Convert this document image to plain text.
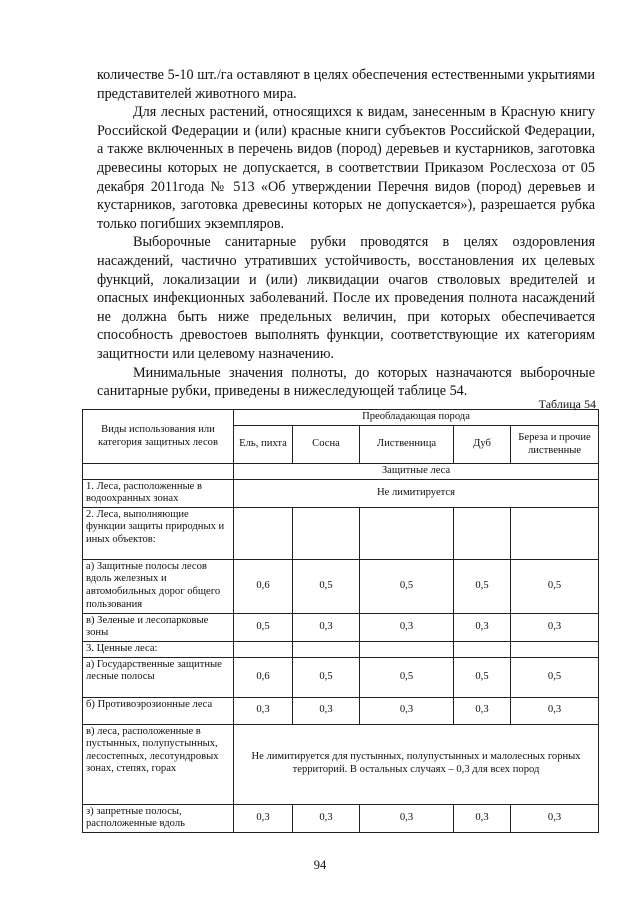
количестве 5-10 шт./га оставляют в целях обеспечения естественными укрытиями представителей животного мира.

Для лесных растений, относящихся к видам, занесенным в Красную книгу Российской Федерации и (или) красные книги субъектов Российской Федерации, а также включенных в перечень видов (пород) деревьев и кустарников, заготовка древесины которых не допускается, в соответствии Приказом Рослесхоза от 05 декабря 2011года № 513 «Об утверждении Перечня видов (пород) деревьев и кустарников, заготовка древесины которых не допускается»), разрешается рубка только погибших экземпляров.

Выборочные санитарные рубки проводятся в целях оздоровления насаждений, частично утративших устойчивость, восстановления их целевых функций, локализации и (или) ликвидации очагов стволовых вредителей и опасных инфекционных заболеваний. После их проведения полнота насаждений не должна быть ниже предельных величин, при которых обеспечивается способность древостоев выполнять функции, соответствующие их категориям защитности или целевому назначению.

Минимальные значения полноты, до которых назначаются выборочные санитарные рубки, приведены в нижеследующей таблице 54.

Таблица 54
Виды использования или категория защитных лесов	Преобладающая порода				
	Ель, пихта	Сосна	Лиственница	Дуб	Береза и прочие лиственные
	Защитные леса				
1. Леса, расположенные в водоохранных зонах	Не лимитируется				
2. Леса, выполняющие функции защиты природных и иных объектов:					
а) Защитные полосы лесов вдоль железных и автомобильных дорог общего пользования	0,6	0,5	0,5	0,5	0,5
в) Зеленые и лесопарковые зоны	0,5	0,3	0,3	0,3	0,3
3. Ценные леса:					
а) Государственные защитные лесные полосы	0,6	0,5	0,5	0,5	0,5
б) Противоэрозионные леса	0,3	0,3	0,3	0,3	0,3
в) леса, расположенные в пустынных, полупустынных, лесостепных, лесотундровых зонах, степях, горах	Не лимитируется для пустынных, полупустынных и малолесных горных территорий. В остальных случаях – 0,3 для всех пород				
з) запретные полосы, расположенные вдоль	0,3	0,3	0,3	0,3	0,3
94
